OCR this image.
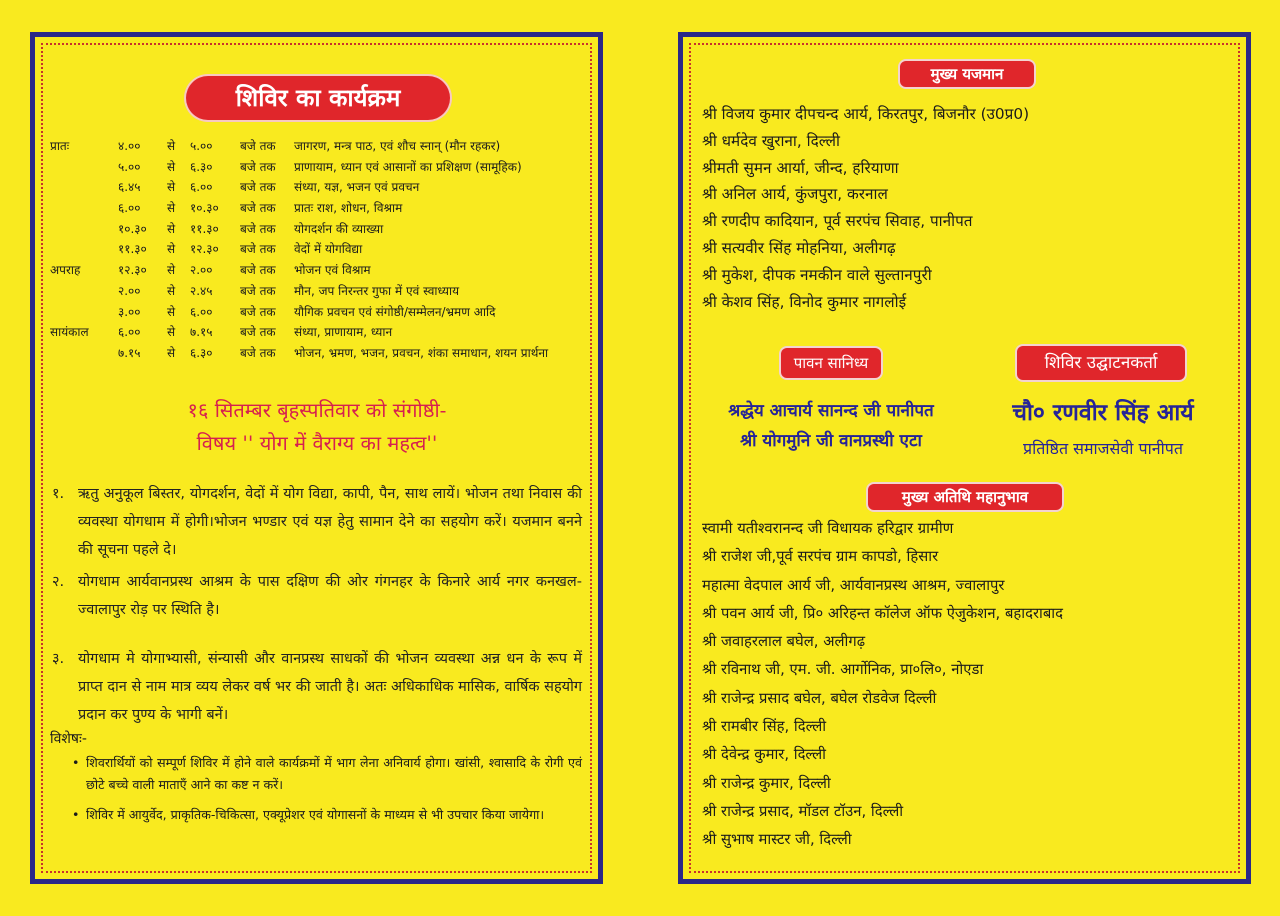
शिविर का कार्यक्रम
प्रातः	४.०० से ५.०० बजे तक जागरण, मन्त्र पाठ, एवं शौच स्नान् (मौन रहकर)
५.०० से ६.३० बजे तक प्राणायाम, ध्यान एवं आसानों का प्रशिक्षण (सामूहिक)
६.४५ से ६.०० बजे तक संध्या, यज्ञ, भजन एवं प्रवचन
६.०० से १०.३० बजे तक प्रातः राश, शोधन, विश्राम
१०.३० से ११.३० बजे तक योगदर्शन की व्याख्या
११.३० से १२.३० बजे तक वेदों में योगविद्या
अपराह	१२.३० से २.०० बजे तक भोजन एवं विश्राम
२.०० से २.४५ बजे तक मौन, जप निरन्तर गुफा में एवं स्वाध्याय
३.०० से ६.०० बजे तक यौगिक प्रवचन एवं संगोष्ठी/सम्मेलन/भ्रमण आदि
सायंकाल ६.०० से ७.१५ बजे तक संध्या, प्राणायाम, ध्यान
७.१५ से ६.३० बजे तक भोजन, भ्रमण, भजन, प्रवचन, शंका समाधान, शयन प्रार्थना
१६ सितम्बर बृहस्पतिवार को संगोष्ठी-
विषय '' योग में वैराग्य का महत्व''
१. ऋतु अनुकूल बिस्तर, योगदर्शन, वेदों में योग विद्या, कापी, पैन, साथ लायें। भोजन तथा निवास की व्यवस्था योगधाम में होगी।भोजन भण्डार एवं यज्ञ हेतु सामान देने का सहयोग करें। यजमान बनने की सूचना पहले दे।
२. योगधाम आर्यवानप्रस्थ आश्रम के पास दक्षिण की ओर गंगनहर के किनारे आर्य नगर कनखल-ज्वालापुर रोड़ पर स्थिति है।
३. योगधाम मे योगाभ्यासी, संन्यासी और वानप्रस्थ साधकों की भोजन व्यवस्था अन्न धन के रूप में प्राप्त दान से नाम मात्र व्यय लेकर वर्ष भर की जाती है। अतः अधिकाधिक मासिक, वार्षिक सहयोग प्रदान कर पुण्य के भागी बनें।
विशेषः-
• शिवरार्थियों को सम्पूर्ण शिविर में होने वाले कार्यक्रमों में भाग लेना अनिवार्य होगा। खांसी, श्वासादि के रोगी एवं छोटे बच्चे वाली माताएँ आने का कष्ट न करें।
• शिविर में आयुर्वेद, प्राकृतिक-चिकित्सा, एक्यूप्रेशर एवं योगासनों के माध्यम से भी उपचार किया जायेगा।
मुख्य यजमान
श्री विजय कुमार दीपचन्द आर्य, किरतपुर, बिजनौर (उ0प्र0)
श्री धर्मदेव खुराना, दिल्ली
श्रीमती सुमन आर्या, जीन्द, हरियाणा
श्री अनिल आर्य, कुंजपुरा, करनाल
श्री रणदीप कादियान, पूर्व सरपंच सिवाह, पानीपत
श्री सत्यवीर सिंह मोहनिया, अलीगढ़
श्री मुकेश, दीपक नमकीन वाले सुल्तानपुरी
श्री केशव सिंह, विनोद कुमार नागलोई
पावन सानिध्य
श्रद्धेय आचार्य सानन्द जी पानीपत
श्री योगमुनि जी वानप्रस्थी एटा
शिविर उद्घाटनकर्ता
चौ० रणवीर सिंह आर्य
प्रतिष्ठित समाजसेवी पानीपत
मुख्य अतिथि महानुभाव
स्वामी यतीश्वरानन्द जी विधायक हरिद्वार ग्रामीण
श्री राजेश जी,पूर्व सरपंच ग्राम कापडो, हिसार
महात्मा वेदपाल आर्य जी, आर्यवानप्रस्थ आश्रम, ज्वालापुर
श्री पवन आर्य जी, प्रि० अरिहन्त कॉलेज ऑफ ऐजुकेशन, बहादराबाद
श्री जवाहरलाल बघेल, अलीगढ़
श्री रविनाथ जी, एम. जी. आर्गोनिक, प्रा०लि०, नोएडा
श्री राजेन्द्र प्रसाद बघेल, बघेल रोडवेज दिल्ली
श्री रामबीर सिंह, दिल्ली
श्री देवेन्द्र कुमार, दिल्ली
श्री राजेन्द्र कुमार, दिल्ली
श्री राजेन्द्र प्रसाद, मॉडल टॉउन, दिल्ली
श्री सुभाष मास्टर जी, दिल्ली
